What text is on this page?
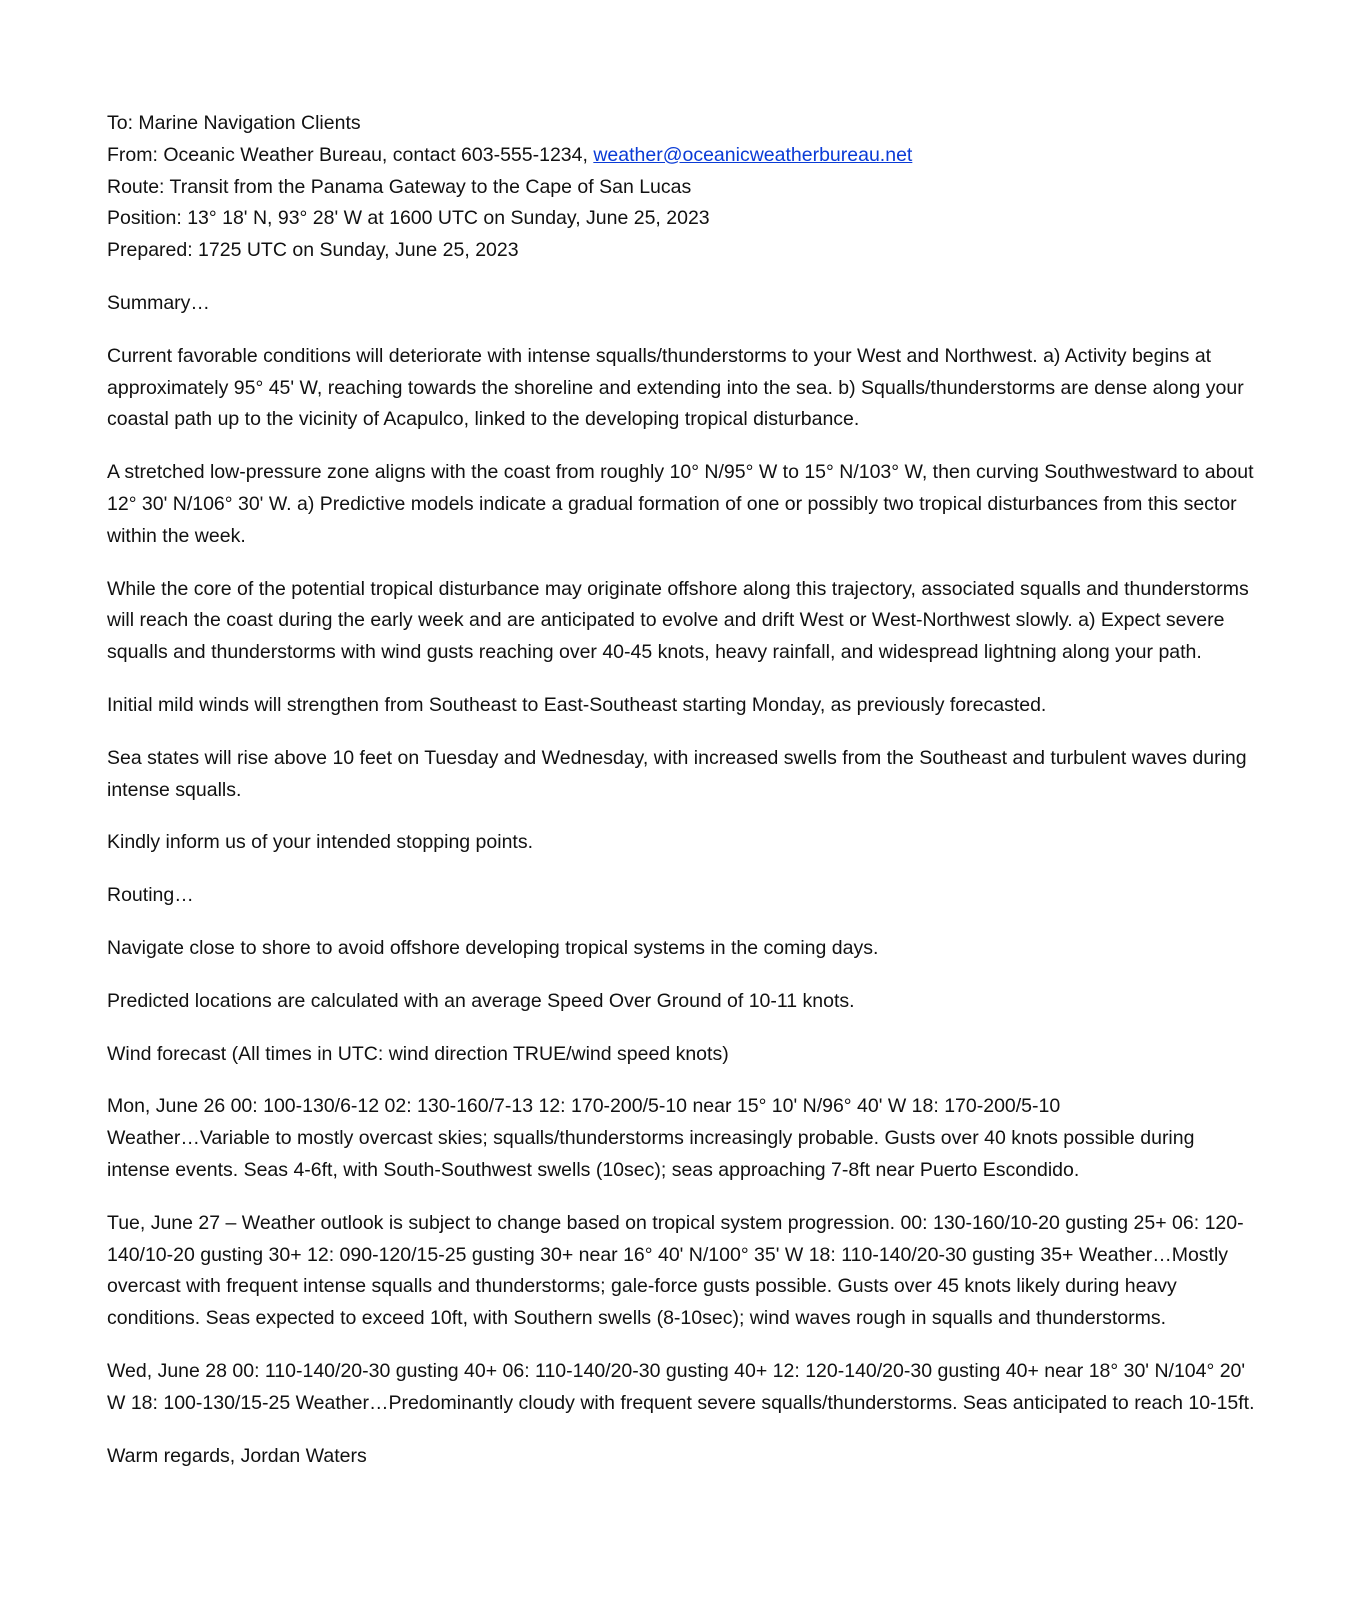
To: Marine Navigation Clients

From: Oceanic Weather Bureau, contact 603-555-1234, weather@oceanicweatherbureau.net

Route: Transit from the Panama Gateway to the Cape of San Lucas

Position: 13° 18' N, 93° 28' W at 1600 UTC on Sunday, June 25, 2023

Prepared: 1725 UTC on Sunday, June 25, 2023

Summary…

Current favorable conditions will deteriorate with intense squalls/thunderstorms to your West and Northwest. a) Activity begins at approximately 95° 45' W, reaching towards the shoreline and extending into the sea. b) Squalls/thunderstorms are dense along your coastal path up to the vicinity of Acapulco, linked to the developing tropical disturbance.

A stretched low-pressure zone aligns with the coast from roughly 10° N/95° W to 15° N/103° W, then curving Southwestward to about 12° 30' N/106° 30' W. a) Predictive models indicate a gradual formation of one or possibly two tropical disturbances from this sector within the week.

While the core of the potential tropical disturbance may originate offshore along this trajectory, associated squalls and thunderstorms will reach the coast during the early week and are anticipated to evolve and drift West or West-Northwest slowly. a) Expect severe squalls and thunderstorms with wind gusts reaching over 40-45 knots, heavy rainfall, and widespread lightning along your path.

Initial mild winds will strengthen from Southeast to East-Southeast starting Monday, as previously forecasted.

Sea states will rise above 10 feet on Tuesday and Wednesday, with increased swells from the Southeast and turbulent waves during intense squalls.

Kindly inform us of your intended stopping points.

Routing…

Navigate close to shore to avoid offshore developing tropical systems in the coming days.

Predicted locations are calculated with an average Speed Over Ground of 10-11 knots.

Wind forecast (All times in UTC: wind direction TRUE/wind speed knots)

Mon, June 26 00: 100-130/6-12 02: 130-160/7-13 12: 170-200/5-10 near 15° 10' N/96° 40' W 18: 170-200/5-10
Weather…Variable to mostly overcast skies; squalls/thunderstorms increasingly probable. Gusts over 40 knots possible during intense events. Seas 4-6ft, with South-Southwest swells (10sec); seas approaching 7-8ft near Puerto Escondido.

Tue, June 27 – Weather outlook is subject to change based on tropical system progression. 00: 130-160/10-20 gusting 25+ 06: 120-140/10-20 gusting 30+ 12: 090-120/15-25 gusting 30+ near 16° 40' N/100° 35' W 18: 110-140/20-30 gusting 35+ Weather…Mostly overcast with frequent intense squalls and thunderstorms; gale-force gusts possible. Gusts over 45 knots likely during heavy conditions. Seas expected to exceed 10ft, with Southern swells (8-10sec); wind waves rough in squalls and thunderstorms.

Wed, June 28 00: 110-140/20-30 gusting 40+ 06: 110-140/20-30 gusting 40+ 12: 120-140/20-30 gusting 40+ near 18° 30' N/104° 20' W 18: 100-130/15-25 Weather…Predominantly cloudy with frequent severe squalls/thunderstorms. Seas anticipated to reach 10-15ft.

Warm regards, Jordan Waters
